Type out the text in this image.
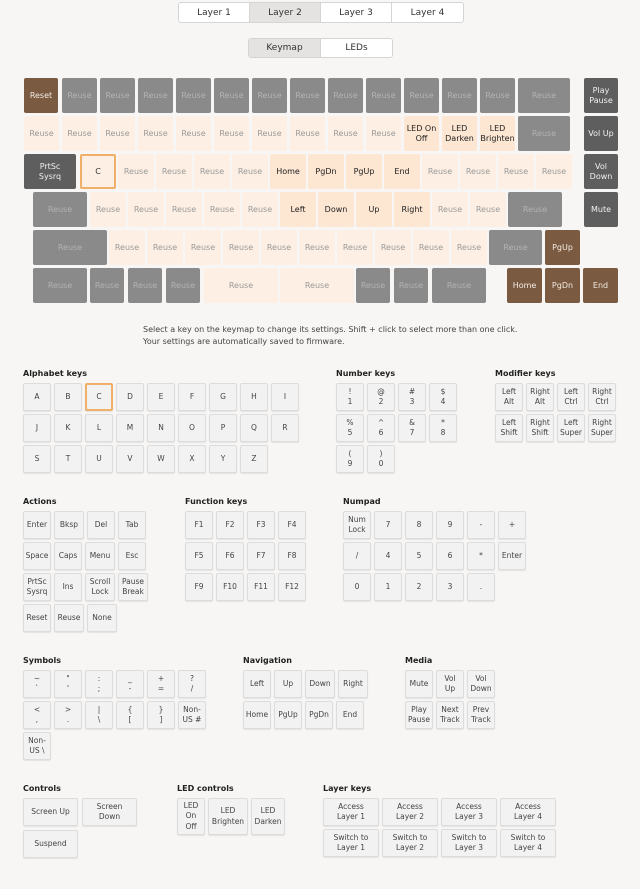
Layer 1	Layer 2	Layer 3	Layer 4
Keymap	LEDs
Reset	Reuse	Reuse	Reuse	Reuse	Reuse	Reuse	Reuse	Reuse	Reuse	Reuse	Reuse	Reuse	Reuse
Play
Pause
Reuse	Reuse	Reuse	Reuse	Reuse	Reuse	Reuse	Reuse	Reuse	Reuse
LED On
Off
LED
Darken
LED
Brighten
Reuse	Vol Up
PrtSc
Sysrq
C	Reuse	Reuse	Reuse	Reuse	Home	PgDn	PgUp	End	Reuse	Reuse	Reuse	Reuse
Vol
Down
Reuse	Reuse	Reuse	Reuse	Reuse	Reuse	Left	Down	Up	Right	Reuse	Reuse	Reuse	Mute
Reuse	Reuse	Reuse	Reuse	Reuse	Reuse	Reuse	Reuse	Reuse	Reuse	Reuse	Reuse	PgUp
Reuse	Reuse	Reuse	Reuse	Reuse	Reuse	Reuse	Reuse	Reuse	Home	PgDn	End
Select a key on the keymap to change its settings. Shift + click to select more than one click. Your settings are automatically saved to firmware.
Alphabet keys
A	B	C	D	E	F	G	H	I
J	K	L	M	N	O	P	Q	R
S	T	U	V	W	X	Y	Z
Number keys
!
1
@
2
#
3
$
4
%
5
^
6
&
7
*
8
(
9
)
0
Modifier keys
Left
Alt
Right
Alt
Left
Ctrl
Right
Ctrl
Left
Shift
Right
Shift
Left
Super
Right
Super
Actions
Enter	Bksp	Del	Tab
Space	Caps	Menu	Esc
PrtSc
Sysrq
Ins
Scroll
Lock
Pause
Break
Reset	Reuse	None
Function keys
F1	F2	F3	F4
F5	F6	F7	F8
F9	F10	F11	F12
Numpad
Num
Lock
7	8	9	-	+
/	4	5	6	*	Enter
0	1	2	3	.
Symbols
~
`
"
'
:
;
_
-
+
=
?
/
<
,
>
.
|
\
{
[
}
]
Non-
US #
Non-
US \
Navigation
Left	Up	Down	Right
Home	PgUp	PgDn	End
Media
Mute
Vol
Up
Vol
Down
Play
Pause
Next
Track
Prev
Track
Controls
Screen Up
Screen
Down
Suspend
LED controls
LED
On
Off
LED
Brighten
LED
Darken
Layer keys
Access
Layer 1
Access
Layer 2
Access
Layer 3
Access
Layer 4
Switch to
Layer 1
Switch to
Layer 2
Switch to
Layer 3
Switch to
Layer 4
